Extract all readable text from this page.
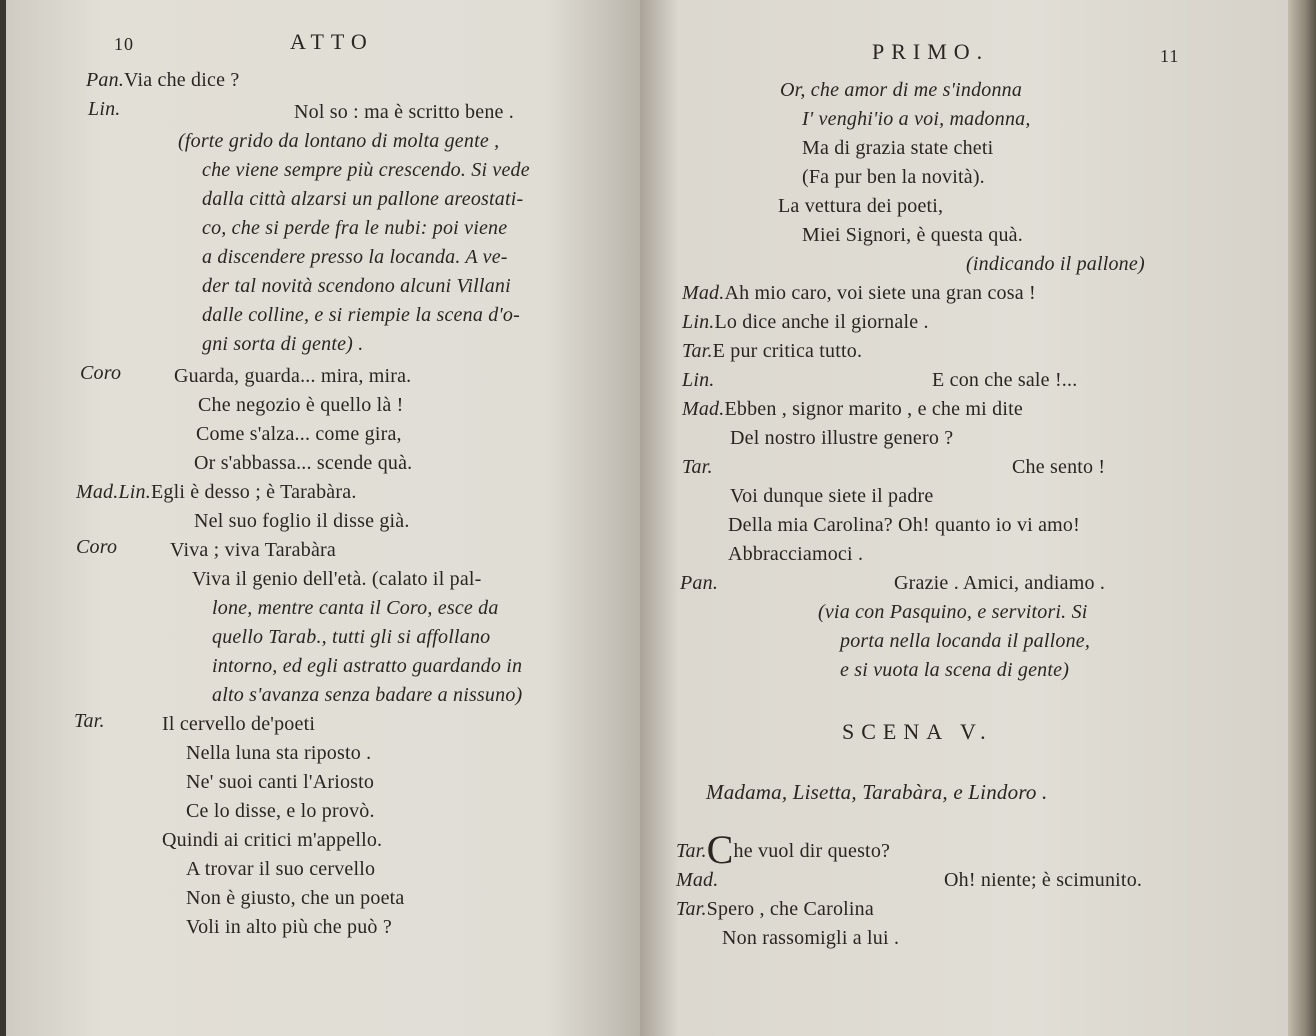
10	ATTO
Pan.Via che dice ?
Lin.	Nol so : ma è scritto bene .
(forte grido da lontano di molta gente ,
che viene sempre più crescendo. Si vede
dalla città alzarsi un pallone areostati-
co, che si perde fra le nubi: poi viene
a discendere presso la locanda. A ve-
der tal novità scendono alcuni Villani
dalle colline, e si riempie la scena d'o-
gni sorta di gente) .
Coro	Guarda, guarda... mira, mira.
Che negozio è quello là !
Come s'alza... come gira,
Or s'abbassa... scende quà.
Mad.Lin.Egli è desso ; è Tarabàra.
Nel suo foglio il disse già.
Coro	Viva ; viva Tarabàra
Viva il genio dell'età. (calato il pal-
lone, mentre canta il Coro, esce da
quello Tarab., tutti gli si affollano
intorno, ed egli astratto guardando in
alto s'avanza senza badare a nissuno)
Tar.	Il cervello de'poeti
Nella luna sta riposto .
Ne' suoi canti l'Ariosto
Ce lo disse, e lo provò.
Quindi ai critici m'appello.
A trovar il suo cervello
Non è giusto, che un poeta
Voli in alto più che può ?
PRIMO.	11
Or, che amor di me s'indonna
I' venghi'io a voi, madonna,
Ma di grazia state cheti
(Fa pur ben la novità).
La vettura dei poeti,
Miei Signori, è questa quà.
(indicando il pallone)
Mad.Ah mio caro, voi siete una gran cosa !
Lin.Lo dice anche il giornale .
Tar.E pur critica tutto.
Lin.	E con che sale !...
Mad.Ebben , signor marito , e che mi dite
Del nostro illustre genero ?
Tar.	Che sento !
Voi dunque siete il padre
Della mia Carolina? Oh! quanto io vi amo!
Abbracciamoci .
Pan.	Grazie . Amici, andiamo .
(via con Pasquino, e servitori. Si
porta nella locanda il pallone,
e si vuota la scena di gente)
SCENA V.
Madama, Lisetta, Tarabàra, e Lindoro .
Tar.Che vuol dir questo?
Mad.	Oh! niente; è scimunito.
Tar.Spero , che Carolina
Non rassomigli a lui .
